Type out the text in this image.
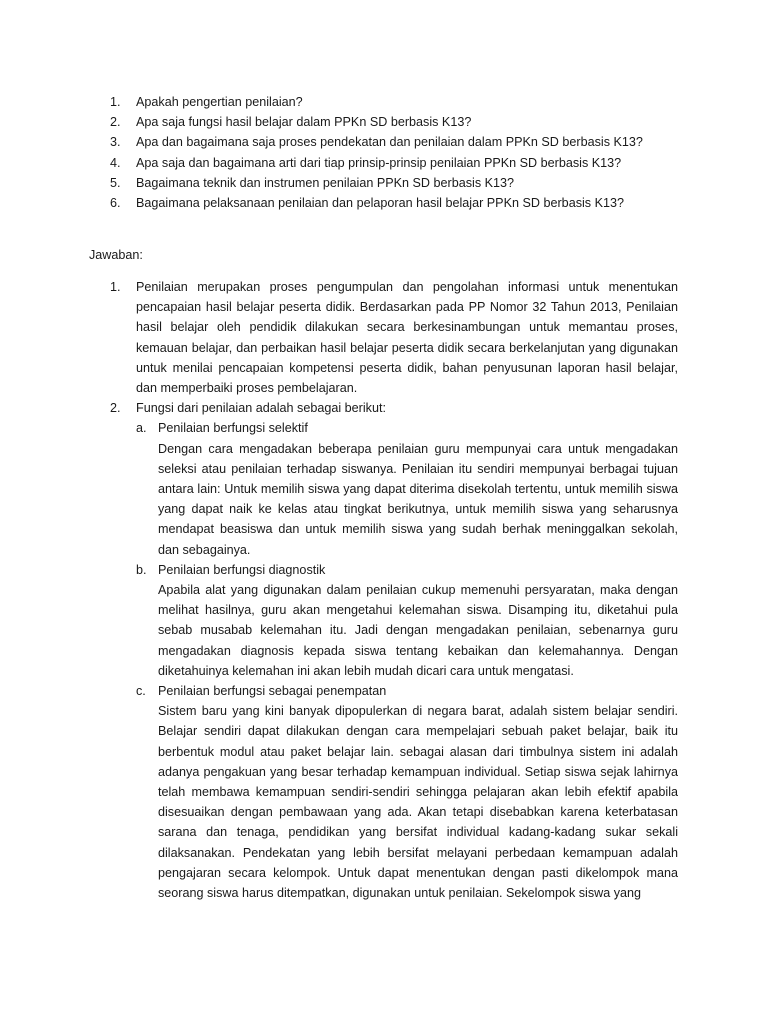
1.	Apakah pengertian penilaian?
2.	Apa saja fungsi hasil belajar dalam PPKn SD berbasis K13?
3.	Apa dan bagaimana saja proses pendekatan dan penilaian dalam PPKn SD berbasis K13?
4.	Apa saja dan bagaimana arti dari tiap prinsip-prinsip penilaian PPKn SD berbasis K13?
5.	Bagaimana teknik dan instrumen penilaian PPKn SD berbasis K13?
6.	Bagaimana pelaksanaan penilaian dan pelaporan hasil belajar PPKn SD berbasis K13?
Jawaban:
1.	Penilaian merupakan proses pengumpulan dan pengolahan informasi untuk menentukan pencapaian hasil belajar peserta didik. Berdasarkan pada PP Nomor 32 Tahun 2013, Penilaian hasil belajar oleh pendidik dilakukan secara berkesinambungan untuk memantau proses, kemauan belajar, dan perbaikan hasil belajar peserta didik secara berkelanjutan yang digunakan untuk menilai pencapaian kompetensi peserta didik, bahan penyusunan laporan hasil belajar, dan memperbaiki proses pembelajaran.
2.	Fungsi dari penilaian adalah sebagai berikut:
a. Penilaian berfungsi selektif
Dengan cara mengadakan beberapa penilaian guru mempunyai cara untuk mengadakan seleksi atau penilaian terhadap siswanya. Penilaian itu sendiri mempunyai berbagai tujuan antara lain: Untuk memilih siswa yang dapat diterima disekolah tertentu, untuk memilih siswa yang dapat naik ke kelas atau tingkat berikutnya, untuk memilih siswa yang seharusnya mendapat beasiswa dan untuk memilih siswa yang sudah berhak meninggalkan sekolah, dan sebagainya.
b. Penilaian berfungsi diagnostik
Apabila alat yang digunakan dalam penilaian cukup memenuhi persyaratan, maka dengan melihat hasilnya, guru akan mengetahui kelemahan siswa. Disamping itu, diketahui pula sebab musabab kelemahan itu. Jadi dengan mengadakan penilaian, sebenarnya guru mengadakan diagnosis kepada siswa tentang kebaikan dan kelemahannya. Dengan diketahuinya kelemahan ini akan lebih mudah dicari cara untuk mengatasi.
c. Penilaian berfungsi sebagai penempatan
Sistem baru yang kini banyak dipopulerkan di negara barat, adalah sistem belajar sendiri. Belajar sendiri dapat dilakukan dengan cara mempelajari sebuah paket belajar, baik itu berbentuk modul atau paket belajar lain. sebagai alasan dari timbulnya sistem ini adalah adanya pengakuan yang besar terhadap kemampuan individual. Setiap siswa sejak lahirnya telah membawa kemampuan sendiri-sendiri sehingga pelajaran akan lebih efektif apabila disesuaikan dengan pembawaan yang ada. Akan tetapi disebabkan karena keterbatasan sarana dan tenaga, pendidikan yang bersifat individual kadang-kadang sukar sekali dilaksanakan. Pendekatan yang lebih bersifat melayani perbedaan kemampuan adalah pengajaran secara kelompok. Untuk dapat menentukan dengan pasti dikelompok mana seorang siswa harus ditempatkan, digunakan untuk penilaian. Sekelompok siswa yang
